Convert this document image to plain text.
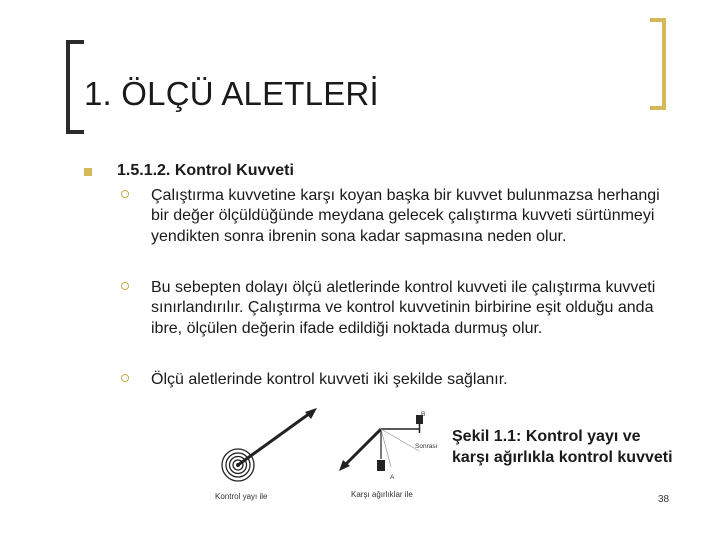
1. ÖLÇÜ ALETLERİ
1.5.1.2. Kontrol Kuvveti
Çalıştırma kuvvetine karşı koyan başka bir kuvvet bulunmazsa herhangi bir değer ölçüldüğünde meydana gelecek çalıştırma kuvveti sürtünmeyi yendikten sonra ibrenin sona kadar sapmasına neden olur.
Bu sebepten dolayı ölçü aletlerinde kontrol kuvveti ile çalıştırma kuvveti sınırlandırılır. Çalıştırma ve kontrol kuvvetinin birbirine eşit olduğu anda ibre, ölçülen değerin ifade edildiği noktada durmuş olur.
Ölçü aletlerinde kontrol kuvveti iki şekilde sağlanır.
Kontrol yayı ile
B
Sonrası
A
Karşı ağırlıklar ile
Şekil 1.1: Kontrol yayı ve karşı ağırlıkla kontrol kuvveti
38
